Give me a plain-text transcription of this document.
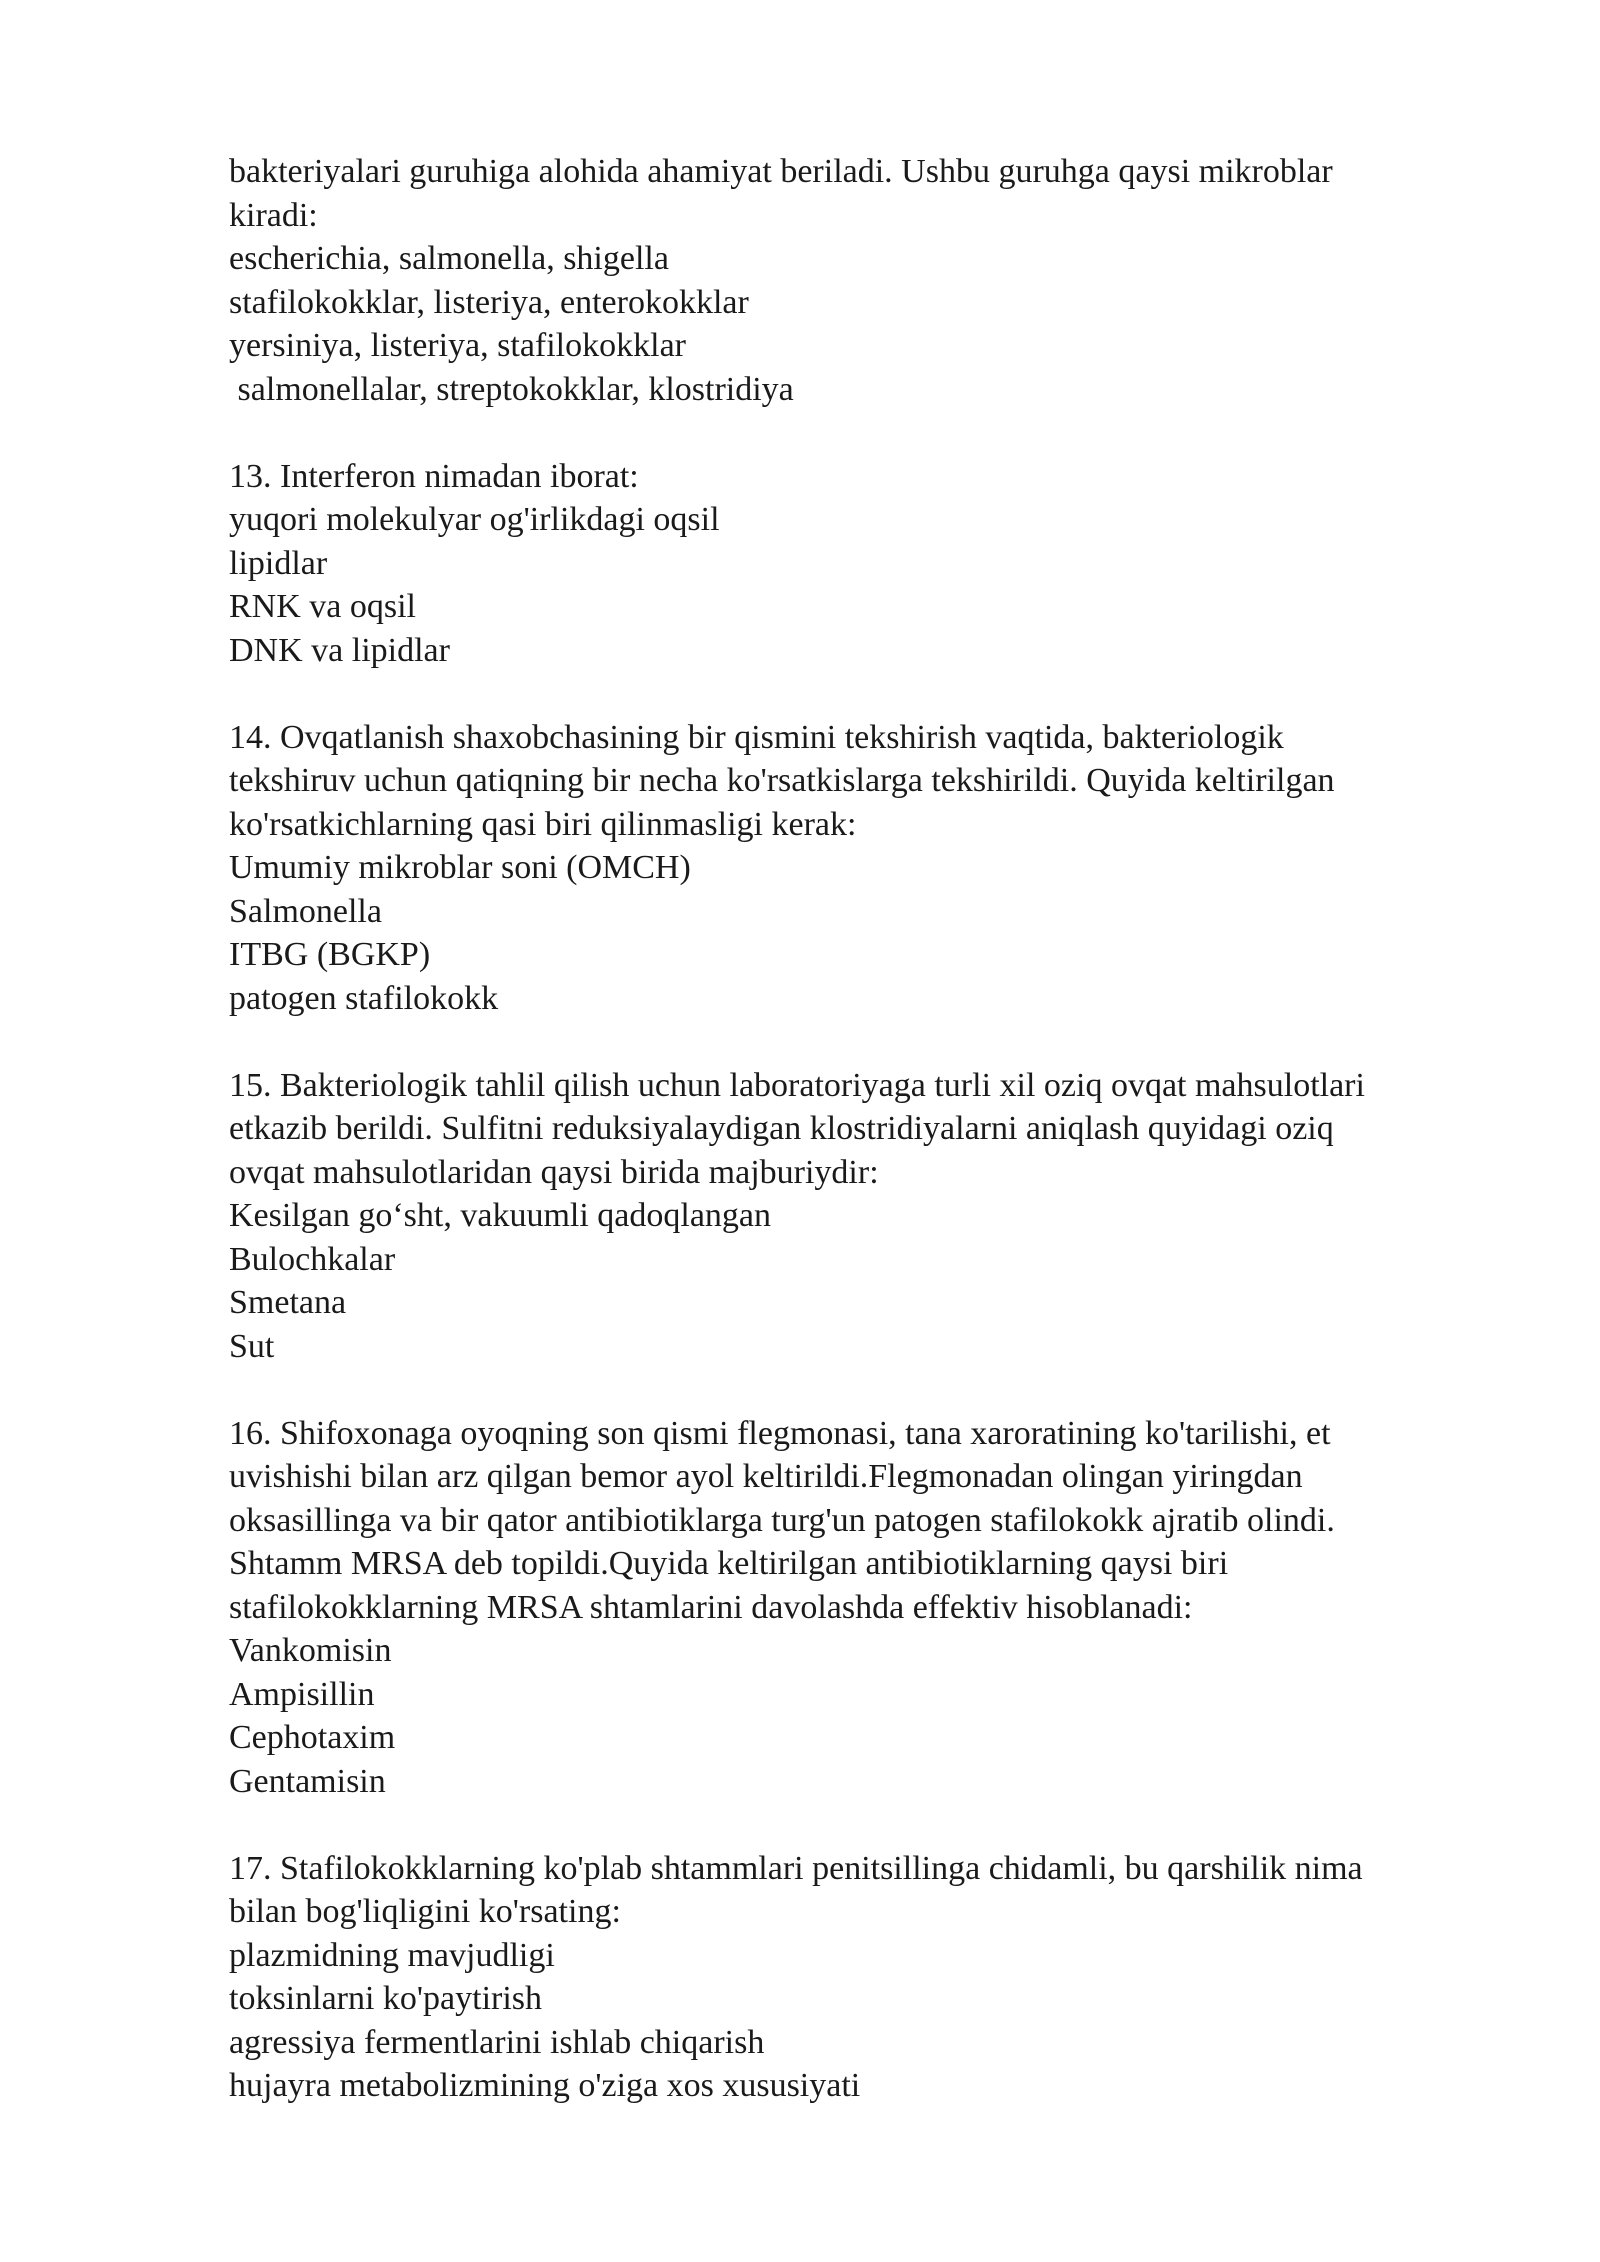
bakteriyalari guruhiga alohida ahamiyat beriladi. Ushbu guruhga qaysi mikroblar
kiradi:
escherichia, salmonella, shigella
stafilokokklar, listeriya, enterokokklar
yersiniya, listeriya, stafilokokklar
salmonellalar, streptokokklar, klostridiya
13. Interferon nimadan iborat:
yuqori molekulyar og'irlikdagi oqsil
lipidlar
RNK va oqsil
DNK va lipidlar
14. Ovqatlanish shaxobchasining bir qismini tekshirish vaqtida, bakteriologik
tekshiruv uchun qatiqning bir necha ko'rsatkislarga tekshirildi. Quyida keltirilgan
ko'rsatkichlarning qasi biri qilinmasligi kerak:
Umumiy mikroblar soni (OMCH)
Salmonella
ITBG (BGKP)
patogen stafilokokk
15. Bakteriologik tahlil qilish uchun laboratoriyaga turli xil oziq ovqat mahsulotlari
etkazib berildi. Sulfitni reduksiyalaydigan klostridiyalarni aniqlash quyidagi oziq
ovqat mahsulotlaridan qaysi birida majburiydir:
Kesilgan go‘sht, vakuumli qadoqlangan
Bulochkalar
Smetana
Sut
16. Shifoxonaga oyoqning son qismi flegmonasi, tana xaroratining ko'tarilishi, et
uvishishi bilan arz qilgan bemor ayol keltirildi.Flegmonadan olingan yiringdan
oksasillinga va bir qator antibiotiklarga turg'un patogen stafilokokk ajratib olindi.
Shtamm MRSA deb topildi.Quyida keltirilgan antibiotiklarning qaysi biri
stafilokokklarning MRSA shtamlarini davolashda effektiv hisoblanadi:
Vankomisin
Ampisillin
Cephotaxim
Gentamisin
17. Stafilokokklarning ko'plab shtammlari penitsillinga chidamli, bu qarshilik nima
bilan bog'liqligini ko'rsating:
plazmidning mavjudligi
toksinlarni ko'paytirish
agressiya fermentlarini ishlab chiqarish
hujayra metabolizmining o'ziga xos xususiyati
